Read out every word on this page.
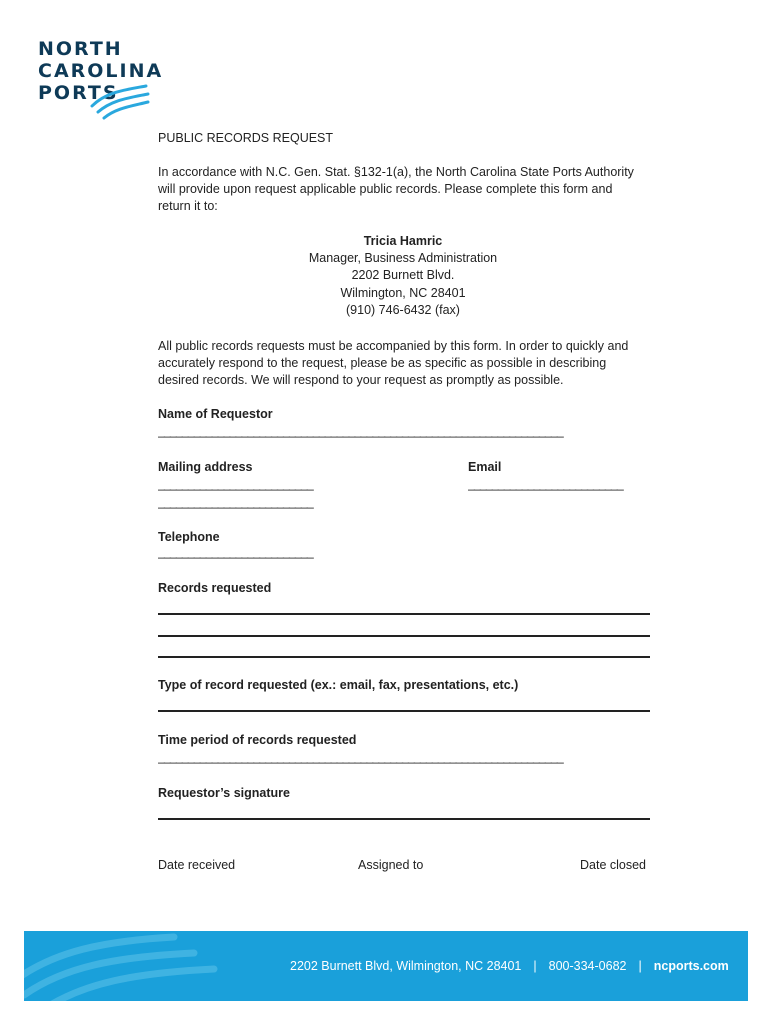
NORTH
CAROLINA
PORTS
PUBLIC RECORDS REQUEST
In accordance with N.C. Gen. Stat. §132-1(a), the North Carolina State Ports Authority
will provide upon request applicable public records. Please complete this form and
return it to:
Tricia Hamric
Manager, Business Administration
2202 Burnett Blvd.
Wilmington, NC 28401
(910) 746-6432 (fax)
All public records requests must be accompanied by this form. In order to quickly and
accurately respond to the request, please be as specific as possible in describing
desired records. We will respond to your request as promptly as possible.
Name of Requestor
____________________________________________________________________
Mailing address	Email
__________________________	__________________________
__________________________
Telephone
__________________________
Records requested
Type of record requested (ex.: email, fax, presentations, etc.)
Time period of records requested
____________________________________________________________________
Requestor’s signature
Date received	Assigned to	Date closed
2202 Burnett Blvd, Wilmington, NC 28401 | 800-334-0682 | ncports.com
